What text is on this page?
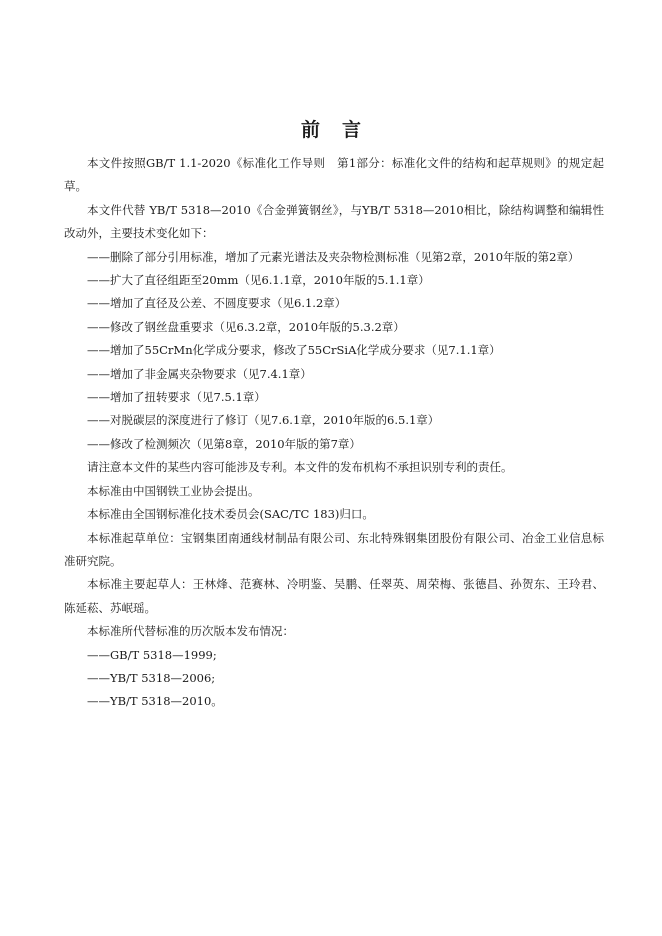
前言

本文件按照GB/T 1.1-2020《标准化工作导则　第1部分：标准化文件的结构和起草规则》的规定起草。

本文件代替 YB/T 5318—2010《合金弹簧钢丝》，与YB/T 5318—2010相比，除结构调整和编辑性改动外，主要技术变化如下：

——删除了部分引用标准，增加了元素光谱法及夹杂物检测标准（见第2章，2010年版的第2章）

——扩大了直径组距至20mm（见6.1.1章，2010年版的5.1.1章）

——增加了直径及公差、不圆度要求（见6.1.2章）

——修改了钢丝盘重要求（见6.3.2章，2010年版的5.3.2章）

——增加了55CrMn化学成分要求，修改了55CrSiA化学成分要求（见7.1.1章）

——增加了非金属夹杂物要求（见7.4.1章）

——增加了扭转要求（见7.5.1章）

——对脱碳层的深度进行了修订（见7.6.1章，2010年版的6.5.1章）

——修改了检测频次（见第8章，2010年版的第7章）

请注意本文件的某些内容可能涉及专利。本文件的发布机构不承担识别专利的责任。

本标准由中国钢铁工业协会提出。

本标准由全国钢标准化技术委员会(SAC/TC 183)归口。

本标准起草单位：宝钢集团南通线材制品有限公司、东北特殊钢集团股份有限公司、冶金工业信息标准研究院。

本标准主要起草人：王林烽、范赛林、冷明鉴、吴鹏、任翠英、周荣梅、张德昌、孙贺东、王玲君、陈延菘、苏岷瑶。

本标准所代替标准的历次版本发布情况：

——GB/T 5318—1999;

——YB/T 5318—2006;

——YB/T 5318—2010。
